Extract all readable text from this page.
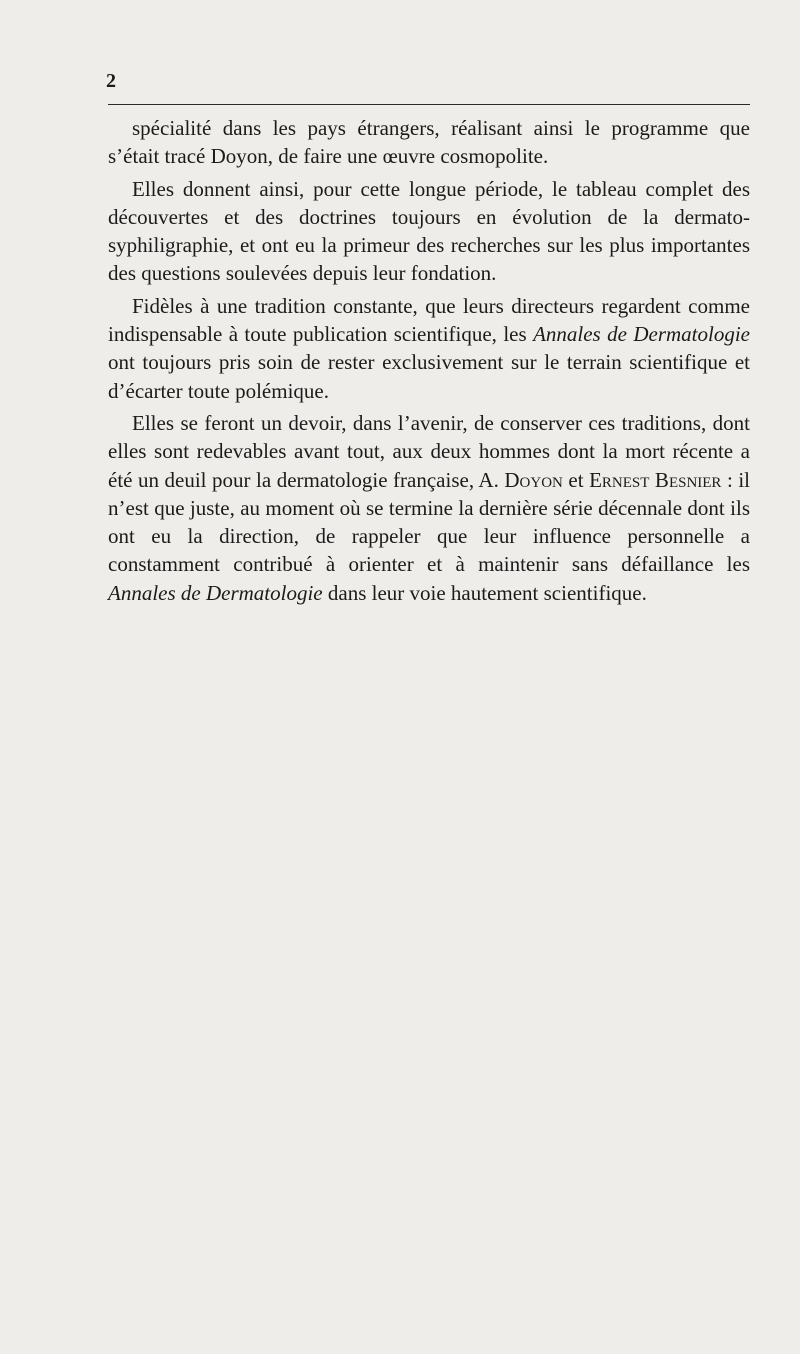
2

spécialité dans les pays étrangers, réalisant ainsi le programme que s’était tracé Doyon, de faire une œuvre cosmopolite.

Elles donnent ainsi, pour cette longue période, le tableau complet des découvertes et des doctrines toujours en évolution de la dermato-syphiligraphie, et ont eu la primeur des recherches sur les plus importantes des questions soulevées depuis leur fondation.

Fidèles à une tradition constante, que leurs directeurs regardent comme indispensable à toute publication scientifique, les Annales de Dermatologie ont toujours pris soin de rester exclusivement sur le terrain scientifique et d’écarter toute polémique.

Elles se feront un devoir, dans l’avenir, de conserver ces traditions, dont elles sont redevables avant tout, aux deux hommes dont la mort récente a été un deuil pour la dermatologie française, A. Doyon et Ernest Besnier : il n’est que juste, au moment où se termine la dernière série décennale dont ils ont eu la direction, de rappeler que leur influence personnelle a constamment contribué à orienter et à maintenir sans défaillance les Annales de Dermatologie dans leur voie hautement scientifique.
